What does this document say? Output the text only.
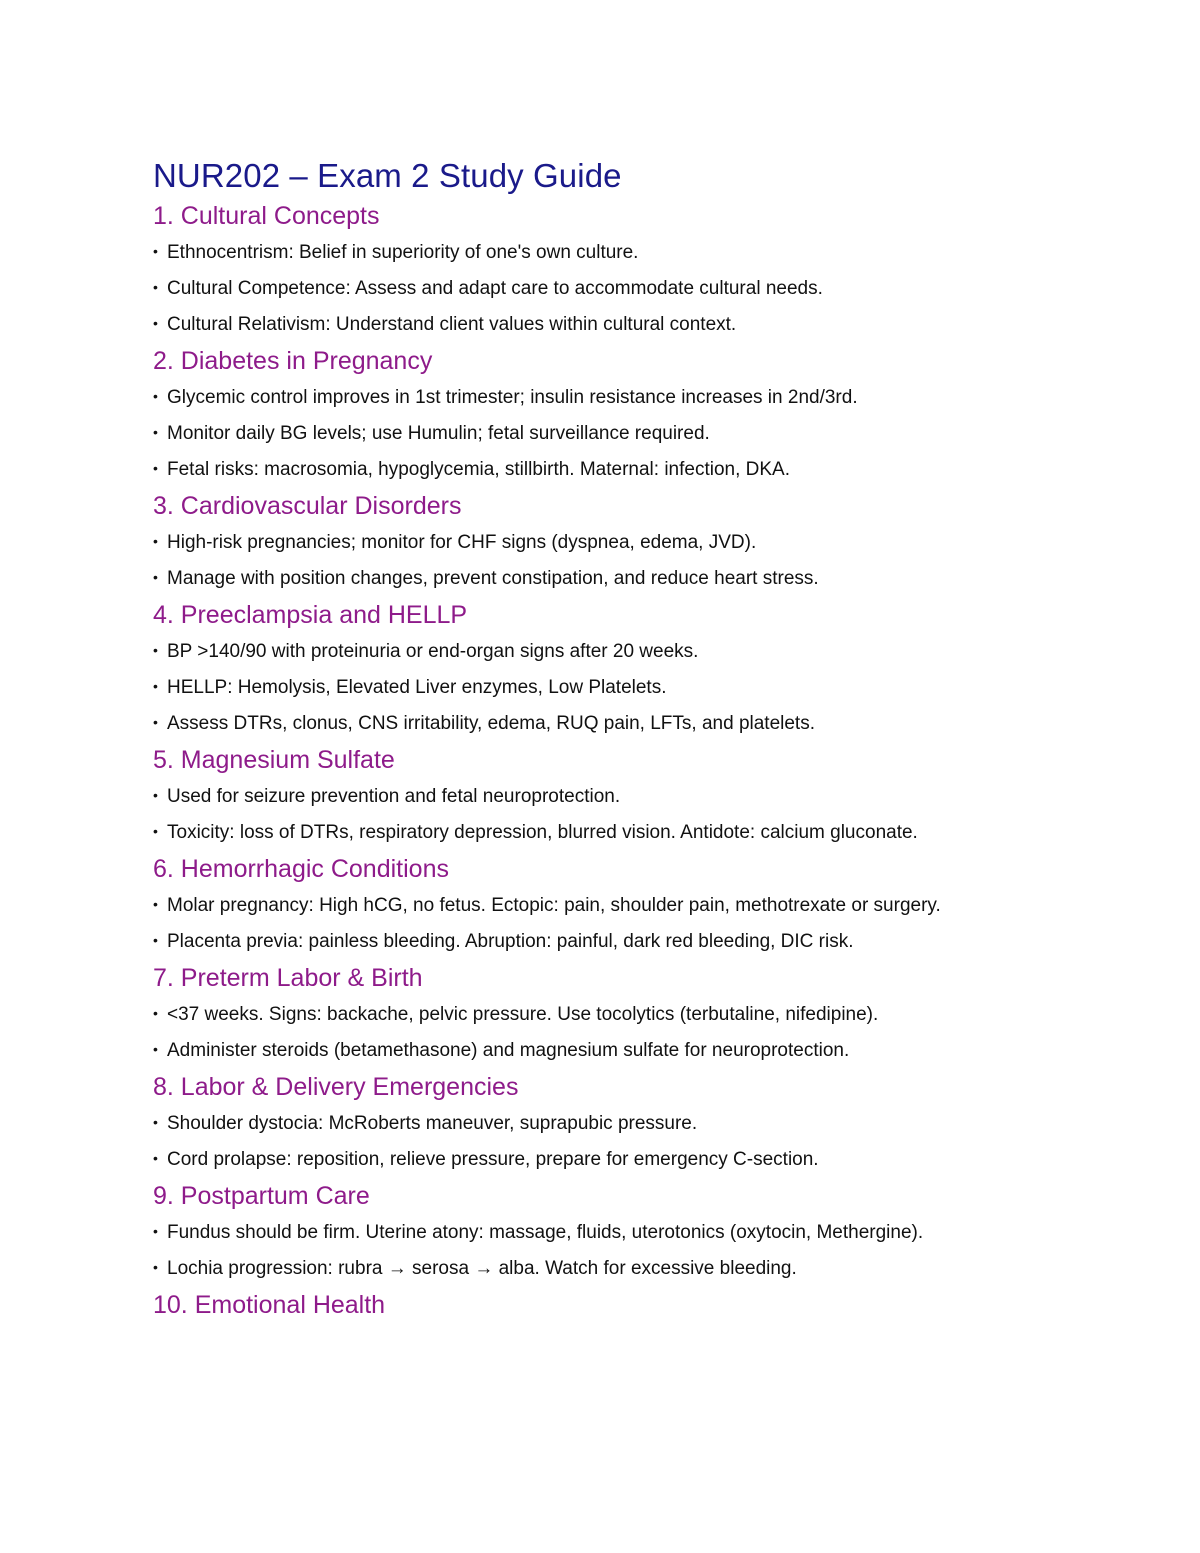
NUR202 – Exam 2 Study Guide
1. Cultural Concepts
• Ethnocentrism: Belief in superiority of one's own culture.
• Cultural Competence: Assess and adapt care to accommodate cultural needs.
• Cultural Relativism: Understand client values within cultural context.
2. Diabetes in Pregnancy
• Glycemic control improves in 1st trimester; insulin resistance increases in 2nd/3rd.
• Monitor daily BG levels; use Humulin; fetal surveillance required.
• Fetal risks: macrosomia, hypoglycemia, stillbirth. Maternal: infection, DKA.
3. Cardiovascular Disorders
• High-risk pregnancies; monitor for CHF signs (dyspnea, edema, JVD).
• Manage with position changes, prevent constipation, and reduce heart stress.
4. Preeclampsia and HELLP
• BP >140/90 with proteinuria or end-organ signs after 20 weeks.
• HELLP: Hemolysis, Elevated Liver enzymes, Low Platelets.
• Assess DTRs, clonus, CNS irritability, edema, RUQ pain, LFTs, and platelets.
5. Magnesium Sulfate
• Used for seizure prevention and fetal neuroprotection.
• Toxicity: loss of DTRs, respiratory depression, blurred vision. Antidote: calcium gluconate.
6. Hemorrhagic Conditions
• Molar pregnancy: High hCG, no fetus. Ectopic: pain, shoulder pain, methotrexate or surgery.
• Placenta previa: painless bleeding. Abruption: painful, dark red bleeding, DIC risk.
7. Preterm Labor & Birth
• <37 weeks. Signs: backache, pelvic pressure. Use tocolytics (terbutaline, nifedipine).
• Administer steroids (betamethasone) and magnesium sulfate for neuroprotection.
8. Labor & Delivery Emergencies
• Shoulder dystocia: McRoberts maneuver, suprapubic pressure.
• Cord prolapse: reposition, relieve pressure, prepare for emergency C-section.
9. Postpartum Care
• Fundus should be firm. Uterine atony: massage, fluids, uterotonics (oxytocin, Methergine).
• Lochia progression: rubra → serosa → alba. Watch for excessive bleeding.
10. Emotional Health
